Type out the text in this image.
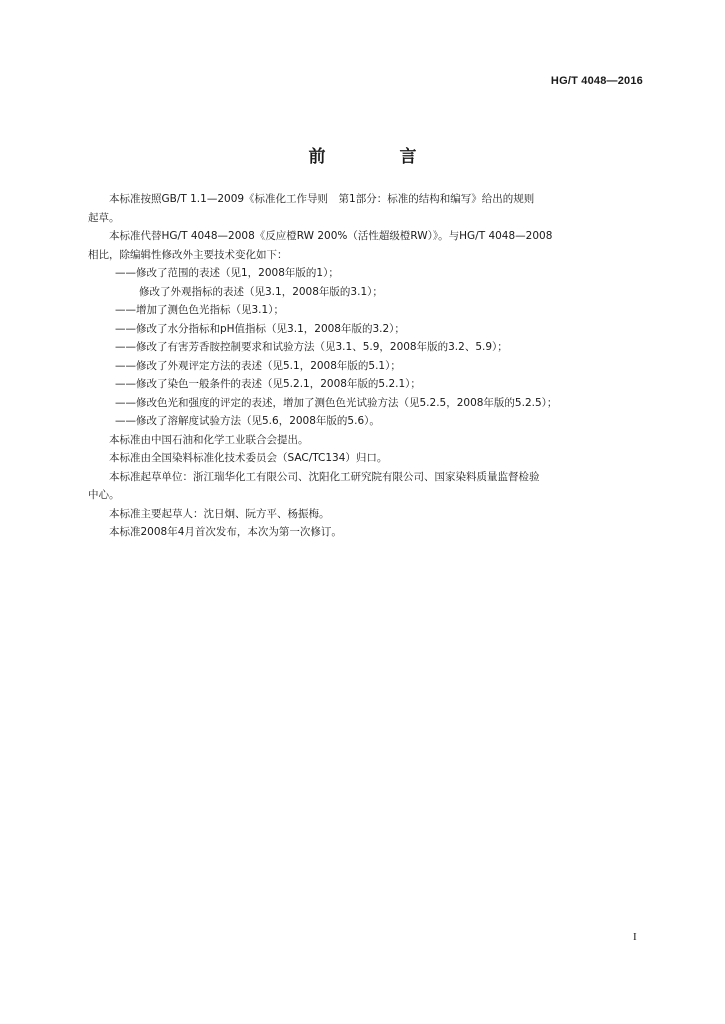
HG/T 4048—2016
前 言

本标准按照GB/T 1.1—2009《标准化工作导则　第1部分：标准的结构和编写》给出的规则

起草。

本标准代替HG/T 4048—2008《反应橙RW 200%（活性超级橙RW）》。与HG/T 4048—2008

相比，除编辑性修改外主要技术变化如下：

——修改了范围的表述（见1，2008年版的1）；

修改了外观指标的表述（见3.1，2008年版的3.1）；

——增加了测色色光指标（见3.1）；

——修改了水分指标和pH值指标（见3.1，2008年版的3.2）；

——修改了有害芳香胺控制要求和试验方法（见3.1、5.9，2008年版的3.2、5.9）；

——修改了外观评定方法的表述（见5.1，2008年版的5.1）；

——修改了染色一般条件的表述（见5.2.1，2008年版的5.2.1）；

——修改色光和强度的评定的表述，增加了测色色光试验方法（见5.2.5，2008年版的5.2.5）；

——修改了溶解度试验方法（见5.6，2008年版的5.6）。

本标准由中国石油和化学工业联合会提出。

本标准由全国染料标准化技术委员会（SAC/TC134）归口。

本标准起草单位：浙江瑞华化工有限公司、沈阳化工研究院有限公司、国家染料质量监督检验

中心。

本标准主要起草人：沈日炯、阮方平、杨振梅。

本标准2008年4月首次发布，本次为第一次修订。

I
